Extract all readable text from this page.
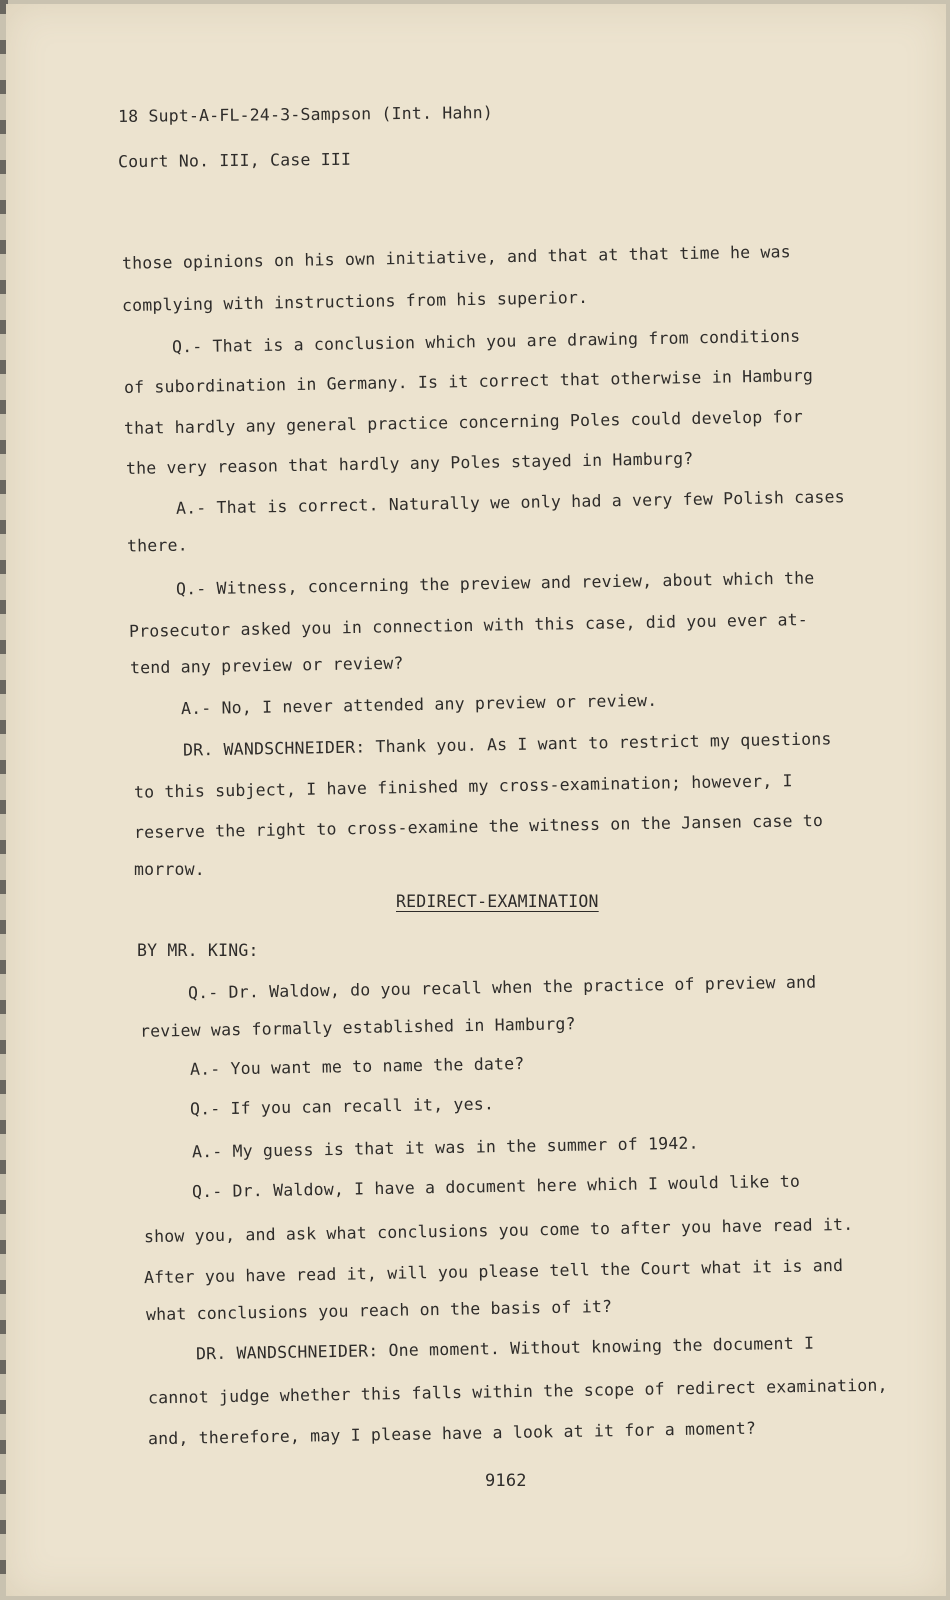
18 Supt-A-FL-24-3-Sampson (Int. Hahn)
Court No. III, Case III
those opinions on his own initiative, and that at that time he was
complying with instructions from his superior.
Q.- That is a conclusion which you are drawing from conditions
of subordination in Germany. Is it correct that otherwise in Hamburg
that hardly any general practice concerning Poles could develop for
the very reason that hardly any Poles stayed in Hamburg?
A.- That is correct. Naturally we only had a very few Polish cases
there.
Q.- Witness, concerning the preview and review, about which the
Prosecutor asked you in connection with this case, did you ever at-
tend any preview or review?
A.- No, I never attended any preview or review.
DR. WANDSCHNEIDER: Thank you. As I want to restrict my questions
to this subject, I have finished my cross-examination; however, I
reserve the right to cross-examine the witness on the Jansen case to
morrow.
REDIRECT-EXAMINATION
BY MR. KING:
Q.- Dr. Waldow, do you recall when the practice of preview and
review was formally established in Hamburg?
A.- You want me to name the date?
Q.- If you can recall it, yes.
A.- My guess is that it was in the summer of 1942.
Q.- Dr. Waldow, I have a document here which I would like to
show you, and ask what conclusions you come to after you have read it.
After you have read it, will you please tell the Court what it is and
what conclusions you reach on the basis of it?
DR. WANDSCHNEIDER: One moment. Without knowing the document I
cannot judge whether this falls within the scope of redirect examination,
and, therefore, may I please have a look at it for a moment?
9162
